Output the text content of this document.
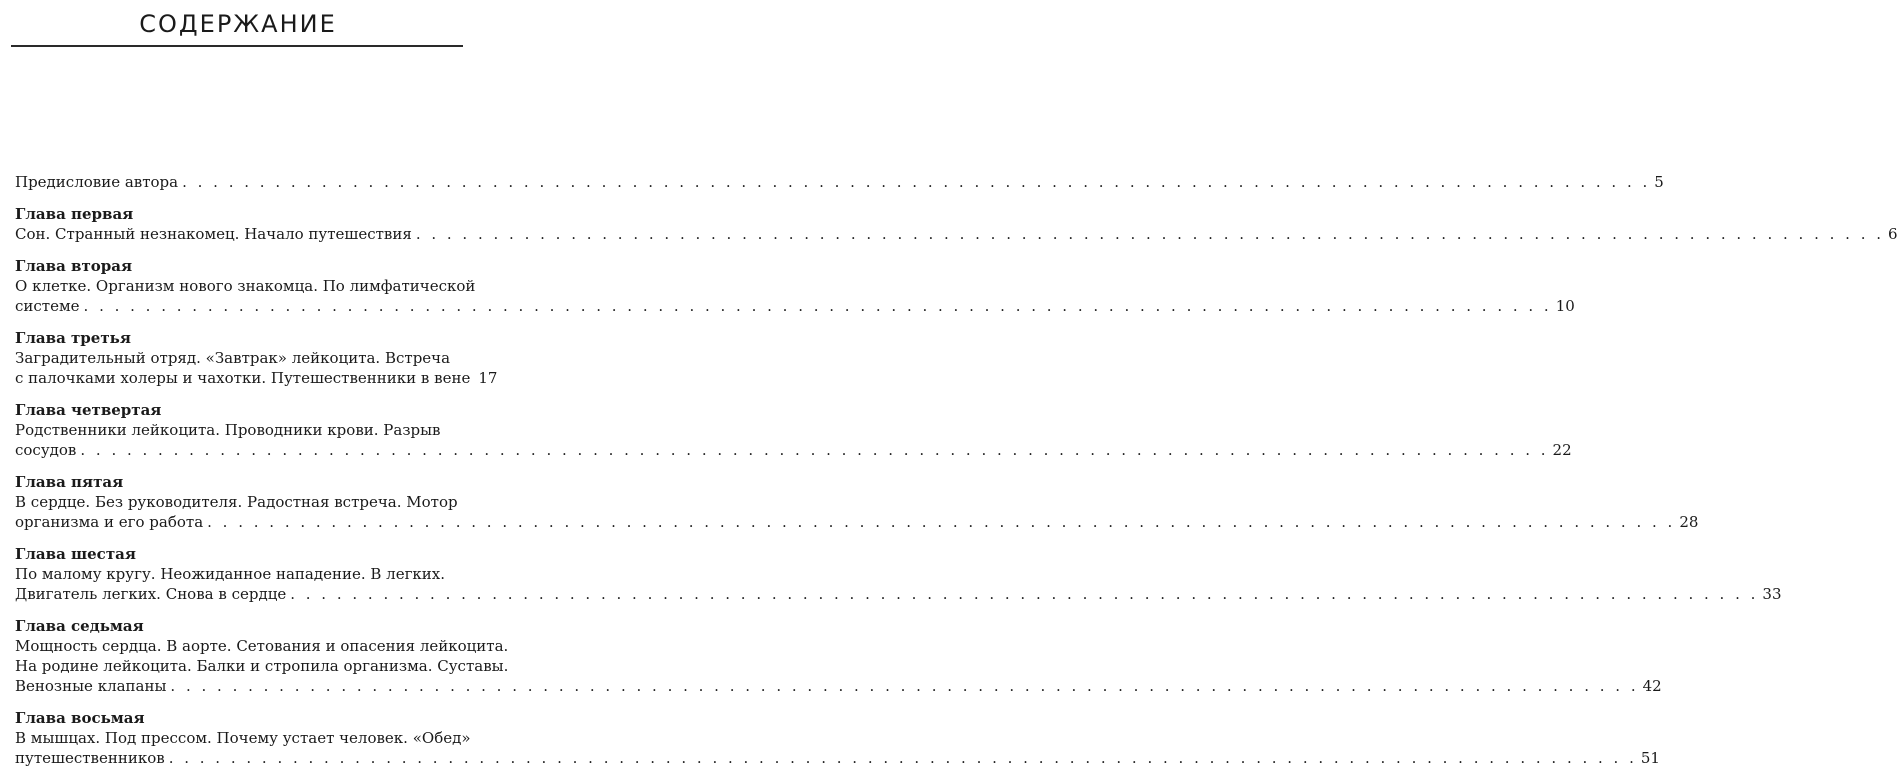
СОДЕРЖАНИЕ
Предисловие автора . . .	5
Глава первая
Сон. Странный незнакомец. Начало путешествия . . .	6
Глава вторая
О клетке. Организм нового знакомца. По лимфатической
системе . . .	10
Глава третья
Заградительный отряд. «Завтрак» лейкоцита. Встреча
с палочками холеры и чахотки. Путешественники в вене 17
Глава четвертая
Родственники лейкоцита. Проводники крови. Разрыв
сосудов . . .	22
Глава пятая
В сердце. Без руководителя. Радостная встреча. Мотор
организма и его работа . . .	28
Глава шестая
По малому кругу. Неожиданное нападение. В легких.
Двигатель легких. Снова в сердце . . .	33
Глава седьмая
Мощность сердца. В аорте. Сетования и опасения лейкоцита.
На родине лейкоцита. Балки и стропила организма. Суставы.
Венозные клапаны . . .	42
Глава восьмая
В мышцах. Под прессом. Почему устает человек. «Обед»
путешественников . . .	51
